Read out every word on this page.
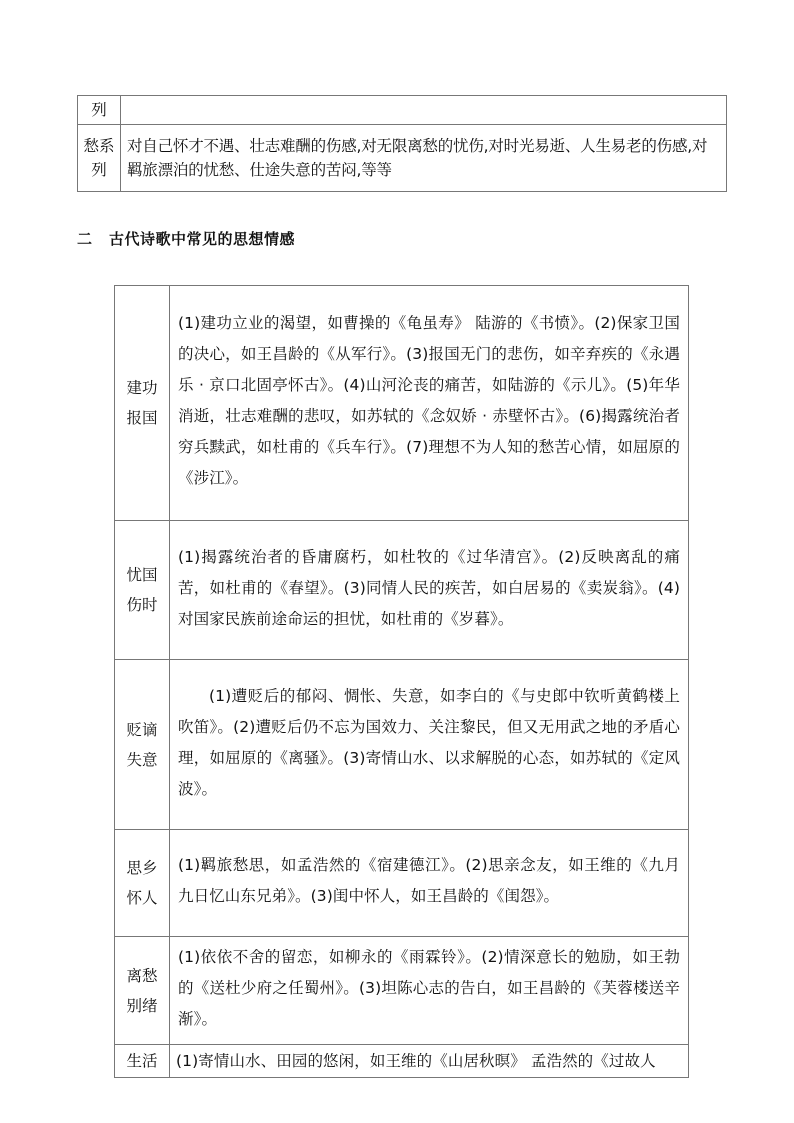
列	

愁系
列	对自己怀才不遇、壮志难酬的伤感,对无限离愁的忧伤,对时光易逝、人生易老的伤感,对羁旅漂泊的忧愁、仕途失意的苦闷,等等
二 古代诗歌中常见的思想情感
建功
报国	(1)建功立业的渴望，如曹操的《龟虽寿》 陆游的《书愤》。(2)保家卫国的决心，如王昌龄的《从军行》。(3)报国无门的悲伤，如辛弃疾的《永遇乐 · 京口北固亭怀古》。(4)山河沦丧的痛苦，如陆游的《示儿》。(5)年华消逝，壮志难酬的悲叹，如苏轼的《念奴娇 · 赤壁怀古》。(6)揭露统治者穷兵黩武，如杜甫的《兵车行》。(7)理想不为人知的愁苦心情，如屈原的《涉江》。

忧国
伤时	(1)揭露统治者的昏庸腐朽，如杜牧的《过华清宫》。(2)反映离乱的痛苦，如杜甫的《春望》。(3)同情人民的疾苦，如白居易的《卖炭翁》。(4)对国家民族前途命运的担忧，如杜甫的《岁暮》。

贬谪
失意	(1)遭贬后的郁闷、惆怅、失意，如李白的《与史郎中钦听黄鹤楼上吹笛》。(2)遭贬后仍不忘为国效力、关注黎民，但又无用武之地的矛盾心理，如屈原的《离骚》。(3)寄情山水、以求解脱的心态，如苏轼的《定风波》。

思乡
怀人	(1)羁旅愁思，如孟浩然的《宿建德江》。(2)思亲念友，如王维的《九月九日忆山东兄弟》。(3)闺中怀人，如王昌龄的《闺怨》。

离愁
别绪	(1)依依不舍的留恋，如柳永的《雨霖铃》。(2)情深意长的勉励，如王勃的《送杜少府之任蜀州》。(3)坦陈心志的告白，如王昌龄的《芙蓉楼送辛渐》。

生活	(1)寄情山水、田园的悠闲，如王维的《山居秋暝》 孟浩然的《过故人
